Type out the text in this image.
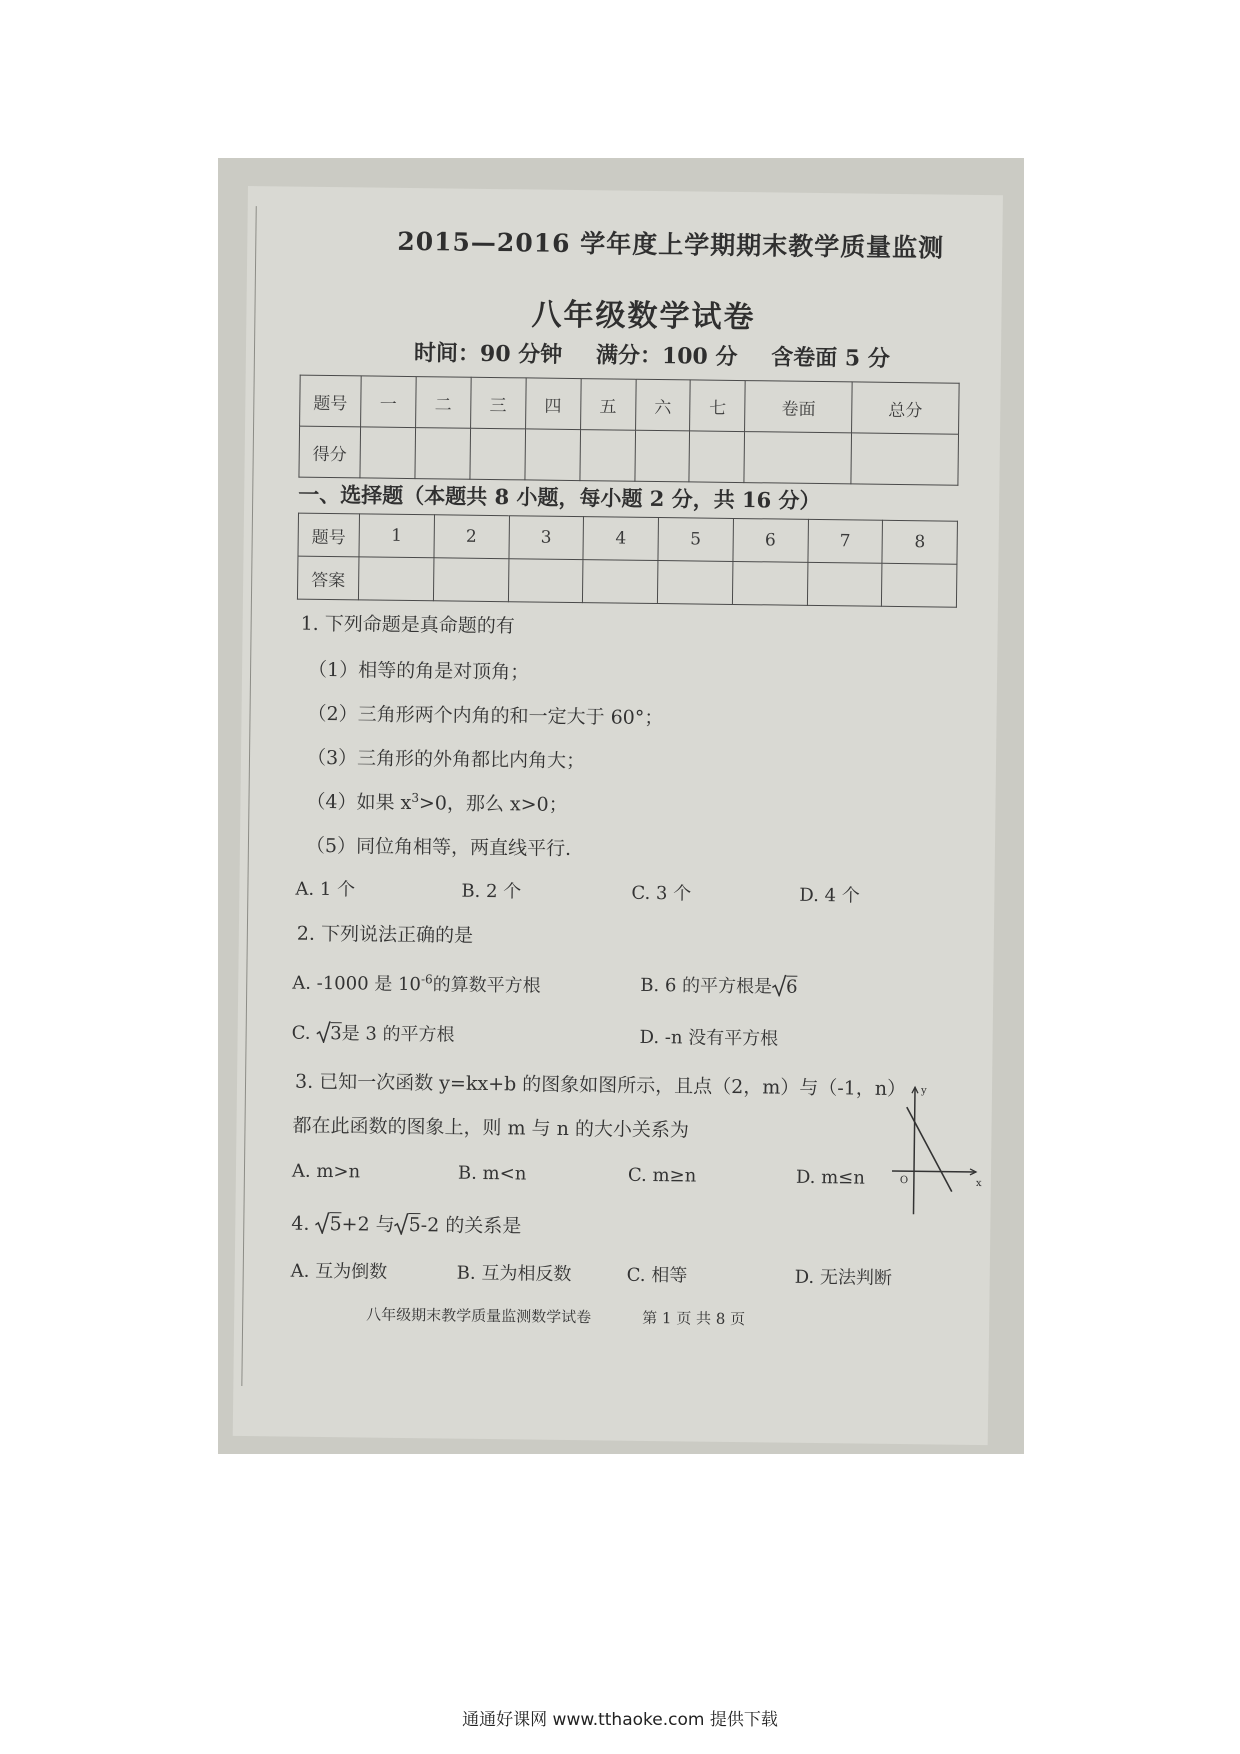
2015—2016 学年度上学期期末教学质量监测
八年级数学试卷
时间：90 分钟 满分：100 分 含卷面 5 分
题号	一	二	三	四	五	六	七	卷面	总分
得分									
一、选择题（本题共 8 小题，每小题 2 分，共 16 分）
题号	1	2	3	4	5	6	7	8
答案								
1. 下列命题是真命题的有
（1）相等的角是对顶角；
（2）三角形两个内角的和一定大于 60°；
（3）三角形的外角都比内角大；
（4）如果 $x^3>0$，那么 x>0；
（5）同位角相等，两直线平行.
A. 1 个	B. 2 个	C. 3 个	D. 4 个
2. 下列说法正确的是
A. -1000 是 $10^{-6}$的算数平方根	B. 6 的平方根是 6
C. 3是 3 的平方根	D. -n 没有平方根
3. 已知一次函数 y=kx+b 的图象如图所示，且点（2，m）与（-1，n）
都在此函数的图象上，则 m 与 n 的大小关系为
y
O	x
A. m>n	B. m<n	C. m≥n	D. m≤n
4. 5+2 与 5-2 的关系是
A. 互为倒数	B. 互为相反数	C. 相等	D. 无法判断
八年级期末教学质量监测数学试卷	第 1 页 共 8 页
通通好课网 www.tthaoke.com 提供下载
